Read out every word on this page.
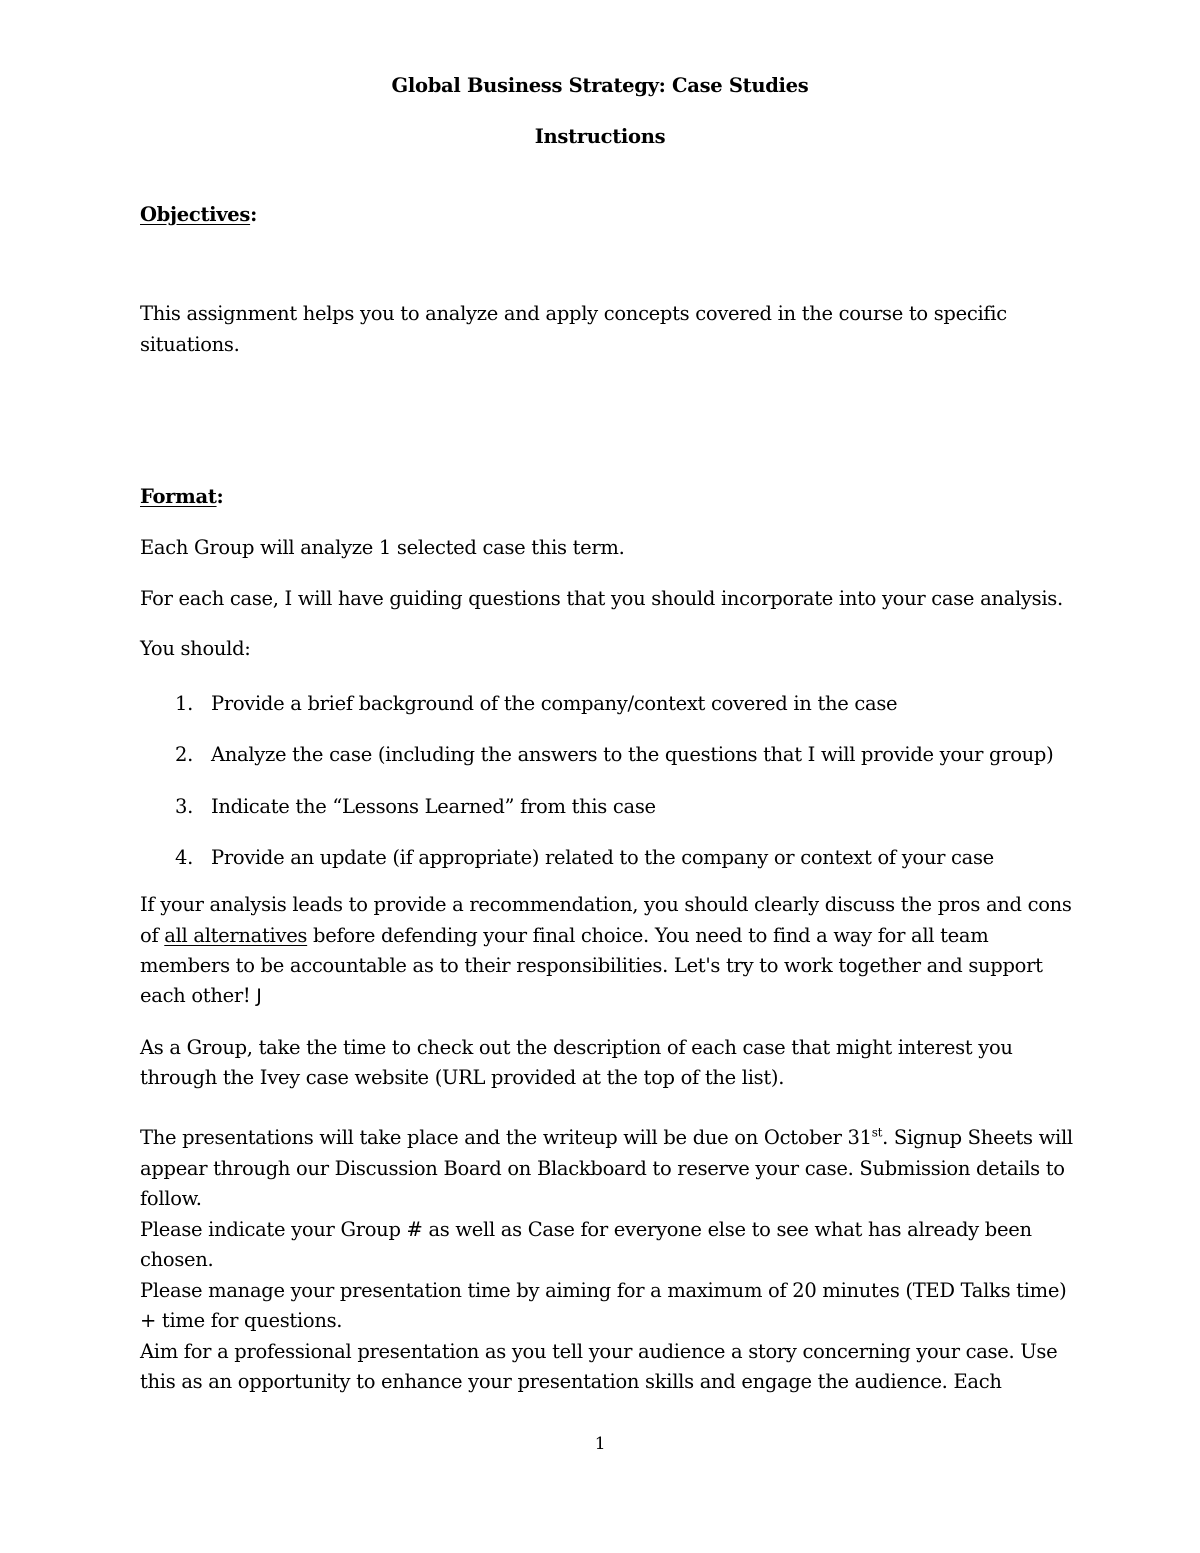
Global Business Strategy: Case Studies
Instructions
Objectives:
This assignment helps you to analyze and apply concepts covered in the course to specific
situations.
Format:
Each Group will analyze 1 selected case this term.
For each case, I will have guiding questions that you should incorporate into your case analysis.
You should:
1. Provide a brief background of the company/context covered in the case
2. Analyze the case (including the answers to the questions that I will provide your group)
3. Indicate the “Lessons Learned” from this case
4. Provide an update (if appropriate) related to the company or context of your case
If your analysis leads to provide a recommendation, you should clearly discuss the pros and cons
of all alternatives before defending your final choice. You need to find a way for all team
members to be accountable as to their responsibilities. Let's try to work together and support
each other! J
As a Group, take the time to check out the description of each case that might interest you
through the Ivey case website (URL provided at the top of the list).
The presentations will take place and the writeup will be due on October 31st. Signup Sheets will
appear through our Discussion Board on Blackboard to reserve your case. Submission details to
follow.
Please indicate your Group # as well as Case for everyone else to see what has already been
chosen.
Please manage your presentation time by aiming for a maximum of 20 minutes (TED Talks time)
+ time for questions.
Aim for a professional presentation as you tell your audience a story concerning your case. Use
this as an opportunity to enhance your presentation skills and engage the audience. Each
1
